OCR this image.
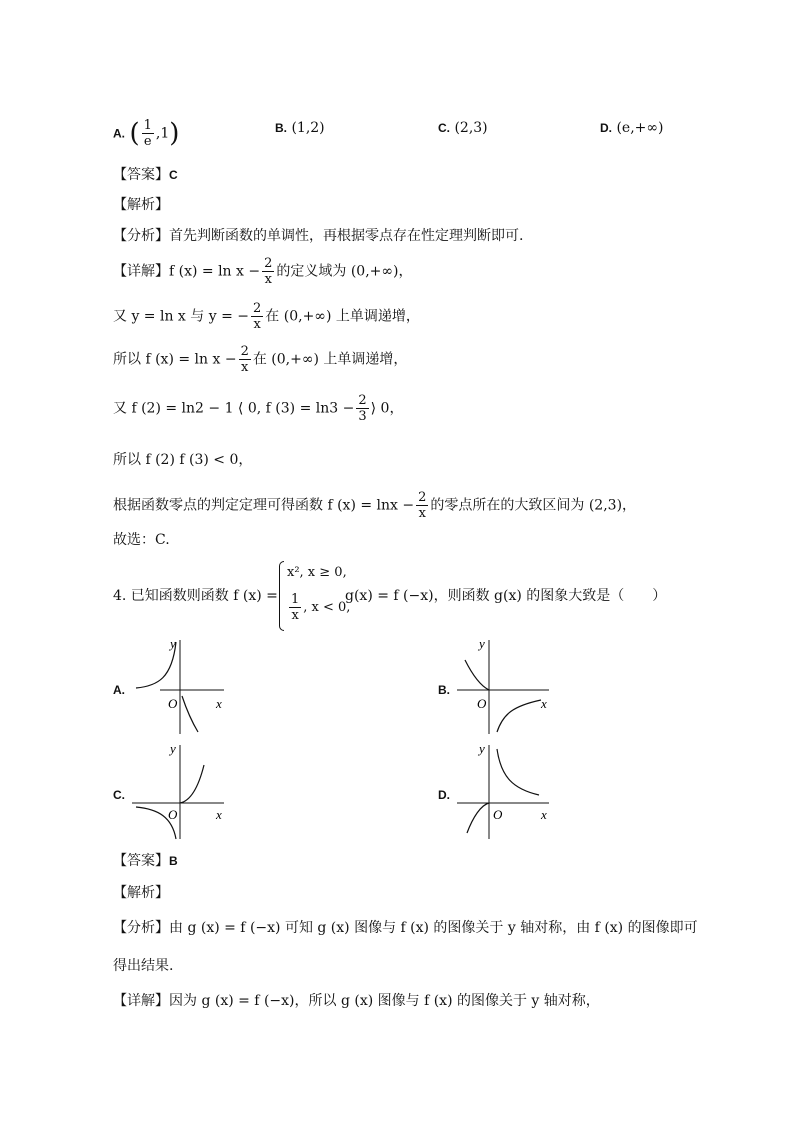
A. ( $\frac{1}{e} ,1$)	B. (1,2)	C. (2,3)	D. (e,+∞)
【答案】C
【解析】
【分析】首先判断函数的单调性，再根据零点存在性定理判断即可.
【详解】f $(x) = \ln x - \frac{2}{x}$ 的定义域为 (0,+∞)，
又 y = ln x 与 y = − $\frac{2}{x}$ 在 (0,+∞) 上单调递增，
所以 f $(x) = \ln x - \frac{2}{x}$ 在 (0,+∞) 上单调递增，
又 f (2) = ln2 − 1 ⟨ 0, f $(3) = \ln 3 - \frac{2}{3}$ ⟩ 0，
所以 f (2) f (3) < 0，
根据函数零点的判定定理可得函数 f $(x) = \ln x - \frac{2}{x}$ 的零点所在的大致区间为 (2,3)，
故选：C.
4. 已知函数则函数 f (x) =
x², x ≥ 0,
$\frac{1}{x}$ , x < 0,
g(x) = f (−x)，则函数 g(x) 的图象大致是（　　）
A.	B.
C.	D.
y
x
O
y
x
O
y
x
O
y
x
O
【答案】B
【解析】
【分析】由 g (x) = f (−x) 可知 g (x) 图像与 f (x) 的图像关于 y 轴对称，由 f (x) 的图像即可
得出结果.
【详解】因为 g (x) = f (−x)，所以 g (x) 图像与 f (x) 的图像关于 y 轴对称，
